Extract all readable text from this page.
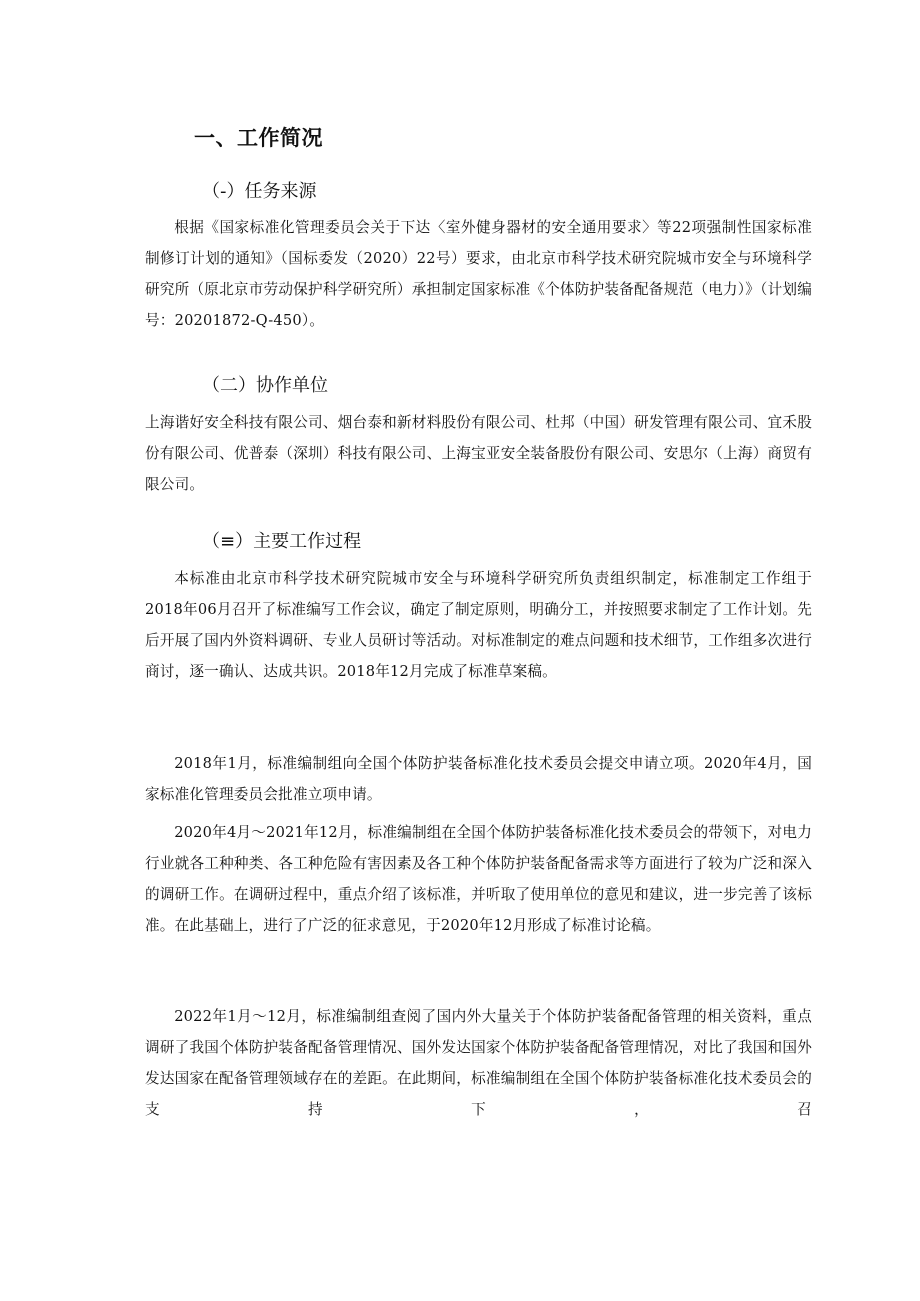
一、工作简况
（-）任务来源

根据《国家标准化管理委员会关于下达〈室外健身器材的安全通用要求〉等22项强制性国家标准制修订计划的通知》（国标委发（2020）22号）要求，由北京市科学技术研究院城市安全与环境科学研究所（原北京市劳动保护科学研究所）承担制定国家标准《个体防护装备配备规范（电力）》（计划编号：20201872-Q-450）。

（二）协作单位

上海谐好安全科技有限公司、烟台泰和新材料股份有限公司、杜邦（中国）研发管理有限公司、宜禾股份有限公司、优普泰（深圳）科技有限公司、上海宝亚安全装备股份有限公司、安思尔（上海）商贸有限公司。

（≡）主要工作过程

本标准由北京市科学技术研究院城市安全与环境科学研究所负责组织制定，标准制定工作组于2018年06月召开了标准编写工作会议，确定了制定原则，明确分工，并按照要求制定了工作计划。先后开展了国内外资料调研、专业人员研讨等活动。对标准制定的难点问题和技术细节，工作组多次进行商讨，逐一确认、达成共识。2018年12月完成了标准草案稿。

2018年1月，标准编制组向全国个体防护装备标准化技术委员会提交申请立项。2020年4月，国家标准化管理委员会批准立项申请。

2020年4月～2021年12月，标准编制组在全国个体防护装备标准化技术委员会的带领下，对电力行业就各工种种类、各工种危险有害因素及各工种个体防护装备配备需求等方面进行了较为广泛和深入的调研工作。在调研过程中，重点介绍了该标准，并听取了使用单位的意见和建议，进一步完善了该标准。在此基础上，进行了广泛的征求意见，于2020年12月形成了标准讨论稿。

2022年1月～12月，标准编制组查阅了国内外大量关于个体防护装备配备管理的相关资料，重点调研了我国个体防护装备配备管理情况、国外发达国家个体防护装备配备管理情况，对比了我国和国外发达国家在配备管理领域存在的差距。在此期间，标准编制组在全国个体防护装备标准化技术委员会的支持下，召
